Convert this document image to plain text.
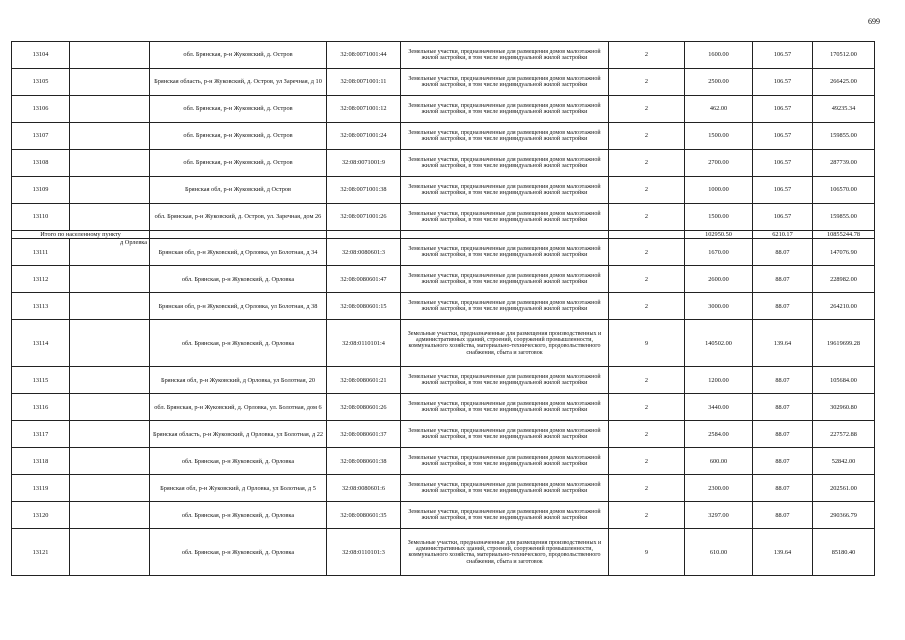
699
13104		обл. Брянская, р-н Жуковский, д. Остров	32:08:0071001:44	Земельные участки, предназначенные для размещения домов малоэтажной жилой застройки, в том числе индивидуальной жилой застройки	2	1600.00	106.57	170512.00
13105		Брянская область, р-н Жуковский, д. Остров, ул Заречная, д 10	32:08:0071001:11	Земельные участки, предназначенные для размещения домов малоэтажной жилой застройки, в том числе индивидуальной жилой застройки	2	2500.00	106.57	266425.00
13106		обл. Брянская, р-н Жуковский, д. Остров	32:08:0071001:12	Земельные участки, предназначенные для размещения домов малоэтажной жилой застройки, в том числе индивидуальной жилой застройки	2	462.00	106.57	49235.34
13107		обл. Брянская, р-н Жуковский, д. Остров	32:08:0071001:24	Земельные участки, предназначенные для размещения домов малоэтажной жилой застройки, в том числе индивидуальной жилой застройки	2	1500.00	106.57	159855.00
13108		обл. Брянская, р-н Жуковский, д. Остров	32:08:0071001:9	Земельные участки, предназначенные для размещения домов малоэтажной жилой застройки, в том числе индивидуальной жилой застройки	2	2700.00	106.57	287739.00
13109		Брянская обл, р-н Жуковский, д Остров	32:08:0071001:38	Земельные участки, предназначенные для размещения домов малоэтажной жилой застройки, в том числе индивидуальной жилой застройки	2	1000.00	106.57	106570.00
13110		обл. Брянская, р-н Жуковский, д. Остров, ул. Заречная, дом 26	32:08:0071001:26	Земельные участки, предназначенные для размещения домов малоэтажной жилой застройки, в том числе индивидуальной жилой застройки	2	1500.00	106.57	159855.00
Итого по населенному пункту						102950.50	6210.17	10855244.78
13111	д Орлевка	Брянская обл, р-н Жуковский, д Орловка, ул Болотная, д 34	32:08:0080601:3	Земельные участки, предназначенные для размещения домов малоэтажной жилой застройки, в том числе индивидуальной жилой застройки	2	1670.00	88.07	147076.90
13112		обл. Брянская, р-н Жуковский, д. Орловка	32:08:0080601:47	Земельные участки, предназначенные для размещения домов малоэтажной жилой застройки, в том числе индивидуальной жилой застройки	2	2600.00	88.07	228982.00
13113		Брянская обл, р-н Жуковский, д Орловка, ул Болотная, д 38	32:08:0080601:15	Земельные участки, предназначенные для размещения домов малоэтажной жилой застройки, в том числе индивидуальной жилой застройки	2	3000.00	88.07	264210.00
13114		обл. Брянская, р-н Жуковский, д. Орловка	32:08:0110101:4	Земельные участки, предназначенные для размещения производственных и административных зданий, строений, сооружений промышленности, коммунального хозяйства, материально-технического, продовольственного снабжения, сбыта и заготовок	9	140502.00	139.64	19619699.28
13115		Брянская обл, р-н Жуковский, д Орловка, ул Болотная, 20	32:08:0080601:21	Земельные участки, предназначенные для размещения домов малоэтажной жилой застройки, в том числе индивидуальной жилой застройки	2	1200.00	88.07	105684.00
13116		обл. Брянская, р-н Жуковский, д. Орловка, ул. Болотная, дом 6	32:08:0080601:26	Земельные участки, предназначенные для размещения домов малоэтажной жилой застройки, в том числе индивидуальной жилой застройки	2	3440.00	88.07	302960.80
13117		Брянская область, р-н Жуковский, д Орловка, ул Болотная, д 22	32:08:0080601:37	Земельные участки, предназначенные для размещения домов малоэтажной жилой застройки, в том числе индивидуальной жилой застройки	2	2584.00	88.07	227572.88
13118		обл. Брянская, р-н Жуковский, д. Орловка	32:08:0080601:38	Земельные участки, предназначенные для размещения домов малоэтажной жилой застройки, в том числе индивидуальной жилой застройки	2	600.00	88.07	52842.00
13119		Брянская обл, р-н Жуковский, д Орловка, ул Болотная, д 5	32:08:0080601:6	Земельные участки, предназначенные для размещения домов малоэтажной жилой застройки, в том числе индивидуальной жилой застройки	2	2300.00	88.07	202561.00
13120		обл. Брянская, р-н Жуковский, д. Орловка	32:08:0080601:35	Земельные участки, предназначенные для размещения домов малоэтажной жилой застройки, в том числе индивидуальной жилой застройки	2	3297.00	88.07	290366.79
13121		обл. Брянская, р-н Жуковский, д. Орловка	32:08:0110101:3	Земельные участки, предназначенные для размещения производственных и административных зданий, строений, сооружений промышленности, коммунального хозяйства, материально-технического, продовольственного снабжения, сбыта и заготовок	9	610.00	139.64	85180.40
